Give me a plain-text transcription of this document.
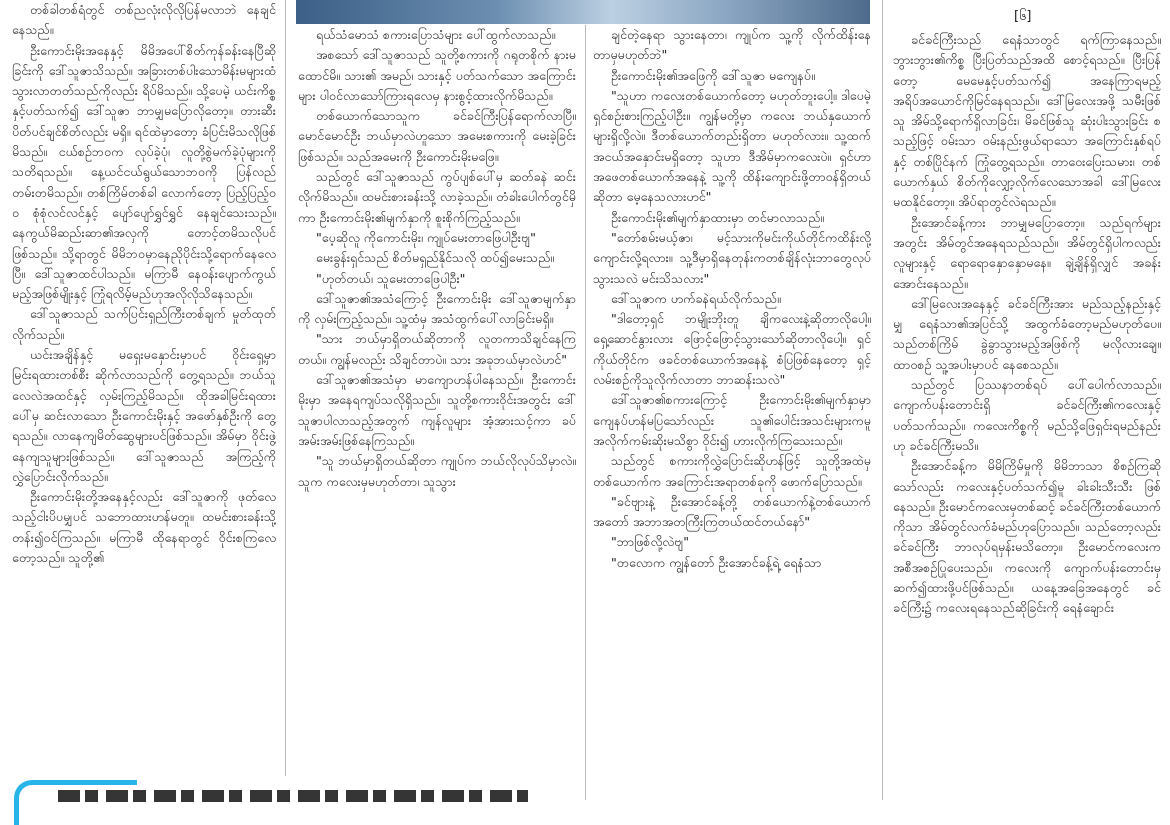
[၆]

တစ်ခါတစ်ရံတွင် တစ်ညလုံးလိုလိုပြန်မလာဘဲ နေချင်နေသည်။

ဦးကောင်းမိုးအနေနှင့် မိမိအပေါ်စိတ်ကုန်ခန်းနေပြီဆိုခြင်းကို ဒေါ်သူဇာသိသည်။ အခြားတစ်ပါးသောမိန်းမများထံ သွားလာတတ်သည်ကိုလည်း ရိပ်မိသည်။ သို့ပေမဲ့ ယင်းကိစ္စနှင့်ပတ်သက်၍ ဒေါ်သူဇာ ဘာမျှမပြောလိုတော့။ တားဆီးပိတ်ပင်ချင်စိတ်လည်း မရှိ။ ရင်ထဲမှာတော့ ခံပြင်းမိသလိုဖြစ်မိသည်။ ငယ်စဉ်ဘဝက လုပ်ခဲ့ပုံ၊ လူတို့စွဲမက်ခဲ့ပုံများကိုသတိရသည်။ နေ့ယင်ငယ်ရွယ်သောဘဝကို ပြန်လည်တမ်းတမိသည်။ တစ်ကြိမ်တစ်ခါ လောက်တော့ ပြည့်ပြည့်ဝဝ စုံစုံလင်လင်နှင့် ပျော်ပျော်ရွှင်ရွှင် နေချင်သေးသည်။ နေကွယ်မိဆည်းဆာ၏အလှကို တောင့်တမိသလိုပင်ဖြစ်သည်။ သို့ရာတွင် မိမိဘဝမှာနေညိုပိုင်းသို့ရောက်နေလေပြီ။ ဒေါ်သူဇာထင်ပါသည်။ မကြာမီ နေဝန်းပျောက်ကွယ်မည့်အဖြစ်မျိုးနှင့် ကြုံရလိမ့်မည်ဟုအလိုလိုသိနေသည်။

ဒေါ်သူဇာသည် သက်ပြင်းရှည်ကြီးတစ်ချက် မှုတ်ထုတ်လိုက်သည်။

ယင်းအချိန်နှင့် မရှေးမနှောင်းမှာပင် ဝိုင်းရှေ့မှာ မြင်းရထားတစ်စီး ဆိုက်လာသည်ကို တွေ့ရသည်။ ဘယ်သူလေလဲအထင်နှင့် လှမ်းကြည့်မိသည်။ ထိုအခါမြင်းရထားပေါ်မှ ဆင်းလာသော ဦးကောင်းမိုးနှင့် အဖော်နှစ်ဦးကို တွေ့ရသည်။ လာနေကျမိတ်ဆွေများပင်ဖြစ်သည်။ အိမ်မှာ ဝိုင်းဖွဲ့နေကျသူများဖြစ်သည်။ ဒေါ်သူဇာသည် အကြည့်ကို လွှဲပြောင်းလိုက်သည်။

ဦးကောင်းမိုးတို့အနေနှင့်လည်း ဒေါ်သူဇာကို ဖုတ်လေသည့်ငါးပိပမျှပင် သဘောထားဟန်မတူ။ ထမင်းစားခန်းသို့ တန်း၍ဝင်ကြသည်။ မကြာမီ ထိုနေရာတွင် ဝိုင်းစကြလေတော့သည်။ သူတို့၏

ရယ်သံမောသံ စကားပြောသံများ ပေါ်ထွက်လာသည်။

အစသော် ဒေါ်သူဇာသည် သူတို့စကားကို ဂရုတစိုက် နားမထောင်မိ။ သား၏ အမည်၊ သားနှင့် ပတ်သက်သော အကြောင်းများ ပါဝင်လာသော်ကြားရလေမှ နားစွင့်ထားလိုက်မိသည်။

တစ်ယောက်သောသူက ခင်ခင်ကြီးပြန်ရောက်လာပြီ။ မောင်မောင်ဦး ဘယ်မှာလဲဟူသော အမေးစကားကို မေးခဲ့ခြင်းဖြစ်သည်။ သည်အမေးကို ဦးကောင်းမိုးမဖြေ။

သည်တွင် ဒေါ်သူဇာသည် ကွပ်ပျစ်ပေါ်မှ ဆတ်ခနဲ ဆင်းလိုက်မိသည်။ ထမင်းစားခန်းသို့ လာခဲ့သည်။ တံခါးပေါက်တွင်မှိကာ ဦးကောင်းမိုး၏မျက်နှာကို စူးစိုက်ကြည့်သည်။

"ပေ့ဆိုလူ ကိုကောင်းမိုး၊ ကျုပ်မေးတာဖြေပါဦးဗျ"

မေးခွန်းရှင်သည် စိတ်မရှည်နိုင်သလို ထပ်၍မေးသည်။

"ဟုတ်တယ်၊ သူမေးတာဖြေပါဦး"

ဒေါ်သူဇာ၏အသံကြောင့် ဦးကောင်းမိုး ဒေါ်သူဇာမျက်နှာကို လှမ်းကြည့်သည်။ သူ့ထံမှ အသံထွက်ပေါ်လာခြင်းမရှိ။

"သား ဘယ်မှာရှိတယ်ဆိုတာကို လူတကာသိချင်နေကြတယ်။ ကျွန်မလည်း သိချင်တာပဲ။ သား အခုဘယ်မှာလဲဟင်"

ဒေါ်သူဇာ၏အသံမှာ မာကျောဟန်ပါနေသည်။ ဦးကောင်းမိုးမှာ အနေရကျပ်သလိုရှိသည်။ သူတို့စကားဝိုင်းအတွင်း ဒေါ်သူဇာပါလာသည့်အတွက် ကျန်လူများ အံ့အားသင့်ကာ ခပ်အမ်းအမ်းဖြစ်နေကြသည်။

"သူ ဘယ်မှာရှိတယ်ဆိုတာ ကျုပ်က ဘယ်လိုလုပ်သိမှာလဲ။ သူက ကလေးမှမဟုတ်တာ၊ သူသွား

ချင်တဲ့နေရာ သွားနေတာ၊ ကျုပ်က သူ့ကို လိုက်ထိန်းနေတာမှမဟုတ်ဘဲ"

ဦးကောင်းမိုး၏အဖြေကို ဒေါ်သူဇာ မကျေနပ်။

"သူဟာ ကလေးတစ်ယောက်တော့ မဟုတ်ဘူးပေါ့။ ဒါပေမဲ့ ရှင်စဉ်းစားကြည့်ပါဦး။ ကျွန်မတို့မှာ ကလေး ဘယ်နှယောက်များရှိလို့လဲ။ ဒီတစ်ယောက်တည်းရှိတာ မဟုတ်လား။ သူ့ထက်အငယ်အနှောင်းမရှိတော့ သူဟာ ဒီအိမ်မှာကလေးပဲ။ ရှင်ဟာ အဖေတစ်ယောက်အနေနဲ့ သူ့ကို ထိန်းကျောင်းဖို့တာဝန်ရှိတယ်ဆိုတာ မေ့နေသလားဟင်"

ဦးကောင်းမိုး၏မျက်နှာထားမှာ တင်မာလာသည်။

"တော်စမ်းမယ့်ဇာ၊ မင့်သားကိုမင်းကိုယ်တိုင်ကထိန်းလို့ကျောင်းလို့ရလား။ သူ့ဒီမှာရှိနေတုန်းကတစ်ချိန်လုံးဘာတွေလုပ်သွားသလဲ မင်းသိသလား"

ဒေါ်သူဇာက ဟက်ခနဲရယ်လိုက်သည်။

"ဒါတော့ရှင် ဘမျိုးဘိုးတူ ချိကလေးနဲ့ဆိုတာလိုပေါ့။ ရှေ့ဆောင်နွားလား ဖြောင့်ဖြောင့်သွားသော်ဆိုတာလိုပေါ့။ ရှင်ကိုယ်တိုင်က ဖခင်တစ်ယောက်အနေနဲ့ စံပြဖြစ်နေတော့ ရှင့်လမ်းစဉ်ကိုသူလိုက်လာတာ ဘာဆန်းသလဲ"

ဒေါ်သူဇာ၏စကားကြောင့် ဦးကောင်းမိုး၏မျက်နှာမှာ ကျေနပ်ဟန်မပြသော်လည်း သူ၏ပေါင်းအသင်းများကမူ အလိုက်ကမ်းဆိုးမသိစွာ ဝိုင်း၍ ဟားလိုက်ကြသေးသည်။

သည်တွင် စကားကိုလွှဲပြောင်းဆိုဟန်ဖြင့် သူတို့အထဲမှ တစ်ယောက်က အကြောင်းအရာတစ်ခုကို ဖောက်ပြောသည်။

"ခင်ဗျားနဲ့ ဦးအောင်ခန့်တို့ တစ်ယောက်နဲ့တစ်ယောက် အတော် အဘာအတကြီးကြတယ်ထင်တယ်နော်"

"ဘာဖြစ်လို့လဲဗျ"

"တလောက ကျွန်တော် ဦးအောင်ခန့်ရဲ့ ရေနံသာ

ခင်ခင်ကြီးသည် ရေနံသာတွင် ရက်ကြာနေသည်။ ဘွားဘွား၏ကိစ္စ ပြီးပြတ်သည်အထိ စောင့်ရသည်။ ပြီးပြန်တော့ မေမေနှင့်ပတ်သက်၍ အနေကြာရမည့် အရိပ်အယောင်ကိုမြင်နေရသည်။ ဒေါ်မြလေးအဖို့ သမီးဖြစ်သူ အိမ်သို့ရောက်ရှိလာခြင်း၊ မိခင်ဖြစ်သူ ဆုံးပါးသွားခြင်း စသည့်ဖြင့် ဝမ်းသာ ဝမ်းနည်းဖွယ်ရာသော အကြောင်းနှစ်ရပ်နှင့် တစ်ပြိုင်နက် ကြုံတွေ့ရသည်။ တာဝေးပြေးသမား၊ တစ်ယောက်နှယ် စိတ်ကိုလျှော့လိုက်လေသောအခါ ဒေါ်မြလေး မထနိုင်တော့။ အိပ်ရာတွင်လဲရသည်။

ဦးအောင်ခန့်ကား ဘာမျှမပြောတော့။ သည်ရက်များအတွင်း အိမ်တွင်အနေရသည်သည်။ အိမ်တွင်ရှိပါကလည်း လူများနှင့် ရောရောနှောနှောမနေ။ ချဲ့ချိန်ရှိလျှင် အခန်းအောင်းနေသည်။

ဒေါ်မြလေးအနေနှင့် ခင်ခင်ကြီးအား မည်သည့်နည်းနှင့်မျှ ရေနံသာ၏အပြင်သို့ အထွက်ခံတော့မည်မဟုတ်ပေ။ သည်တစ်ကြိမ် ခွဲခွာသွားမည့်အဖြစ်ကို မလိုလားချေ။ ထာဝစဉ် သူ့အပါးမှာပင် နေစေသည်။

သည်တွင် ပြဿနာတစ်ရပ် ပေါ်ပေါက်လာသည်။ ကျောက်ပန်းတောင်းရှိ ခင်ခင်ကြီး၏ကလေးနှင့်ပတ်သက်သည်။ ကလေးကိစ္စကို မည်သို့ဖြေရှင်းရမည်နည်းဟု ခင်ခင်ကြီးမသိ။

ဦးအောင်ခန့်က မိမိကြိမ်မှုကို မိမိဘာသာ စိစဉ်ကြဆိုသော်လည်း ကလေးနှင့်ပတ်သက်၍မူ ခါးခါးသီးသီး ဖြစ်နေသည်။ ဦးမောင်ကလေးမှတစ်ဆင့် ခင်ခင်ကြီးတစ်ယောက်ကိုသာ အိမ်တွင်လက်ခံမည်ဟုပြောသည်။ သည်တော့လည်း ခင်ခင်ကြီး ဘာလုပ်ရမှန်းမသိတော့။ ဦးမောင်ကလေးက အစီအစဉ်ပြုပေးသည်။ ကလေးကို ကျောက်ပန်းတောင်းမှ ဆက်၍ထားဖို့ပင်ဖြစ်သည်။ ယနေ့အခြေအနေတွင် ခင်ခင်ကြီး၌ ကလေးရနေသည်ဆိုခြင်းကို ရေနံချောင်း
